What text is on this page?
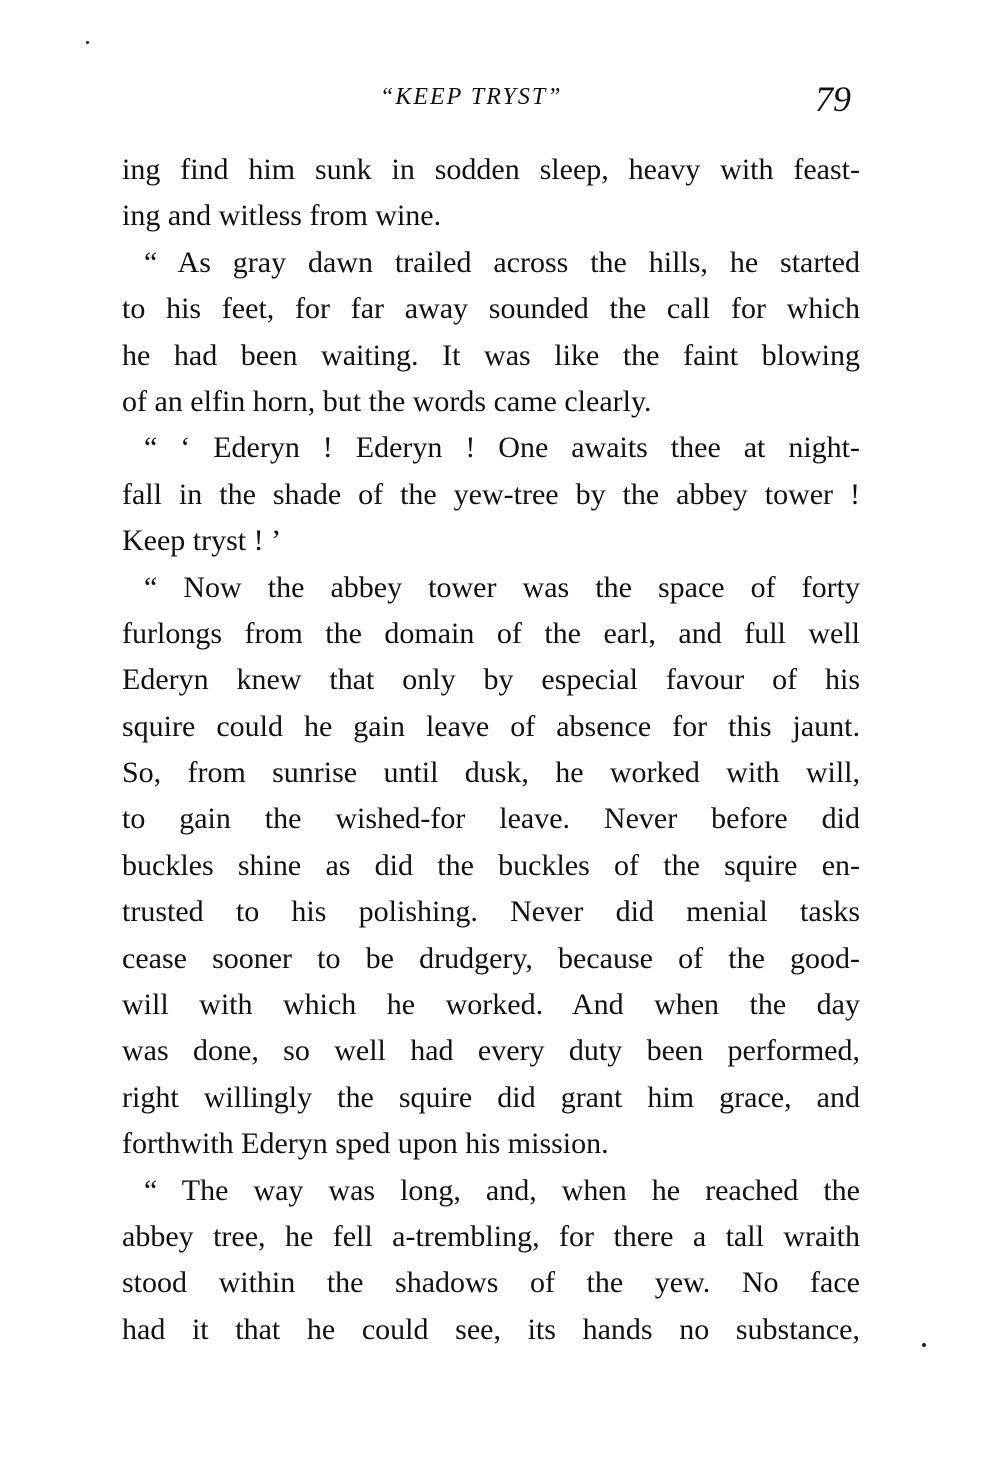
“KEEP TRYST”	79
ing find him sunk in sodden sleep, heavy with feast-
ing and witless from wine.
“ As gray dawn trailed across the hills, he started
to his feet, for far away sounded the call for which
he had been waiting. It was like the faint blowing
of an elfin horn, but the words came clearly.
“ ‘ Ederyn ! Ederyn ! One awaits thee at night-
fall in the shade of the yew-tree by the abbey tower !
Keep tryst ! ’
“ Now the abbey tower was the space of forty
furlongs from the domain of the earl, and full well
Ederyn knew that only by especial favour of his
squire could he gain leave of absence for this jaunt.
So, from sunrise until dusk, he worked with will,
to gain the wished-for leave. Never before did
buckles shine as did the buckles of the squire en-
trusted to his polishing. Never did menial tasks
cease sooner to be drudgery, because of the good-
will with which he worked. And when the day
was done, so well had every duty been performed,
right willingly the squire did grant him grace, and
forthwith Ederyn sped upon his mission.
“ The way was long, and, when he reached the
abbey tree, he fell a-trembling, for there a tall wraith
stood within the shadows of the yew. No face
had it that he could see, its hands no substance,
